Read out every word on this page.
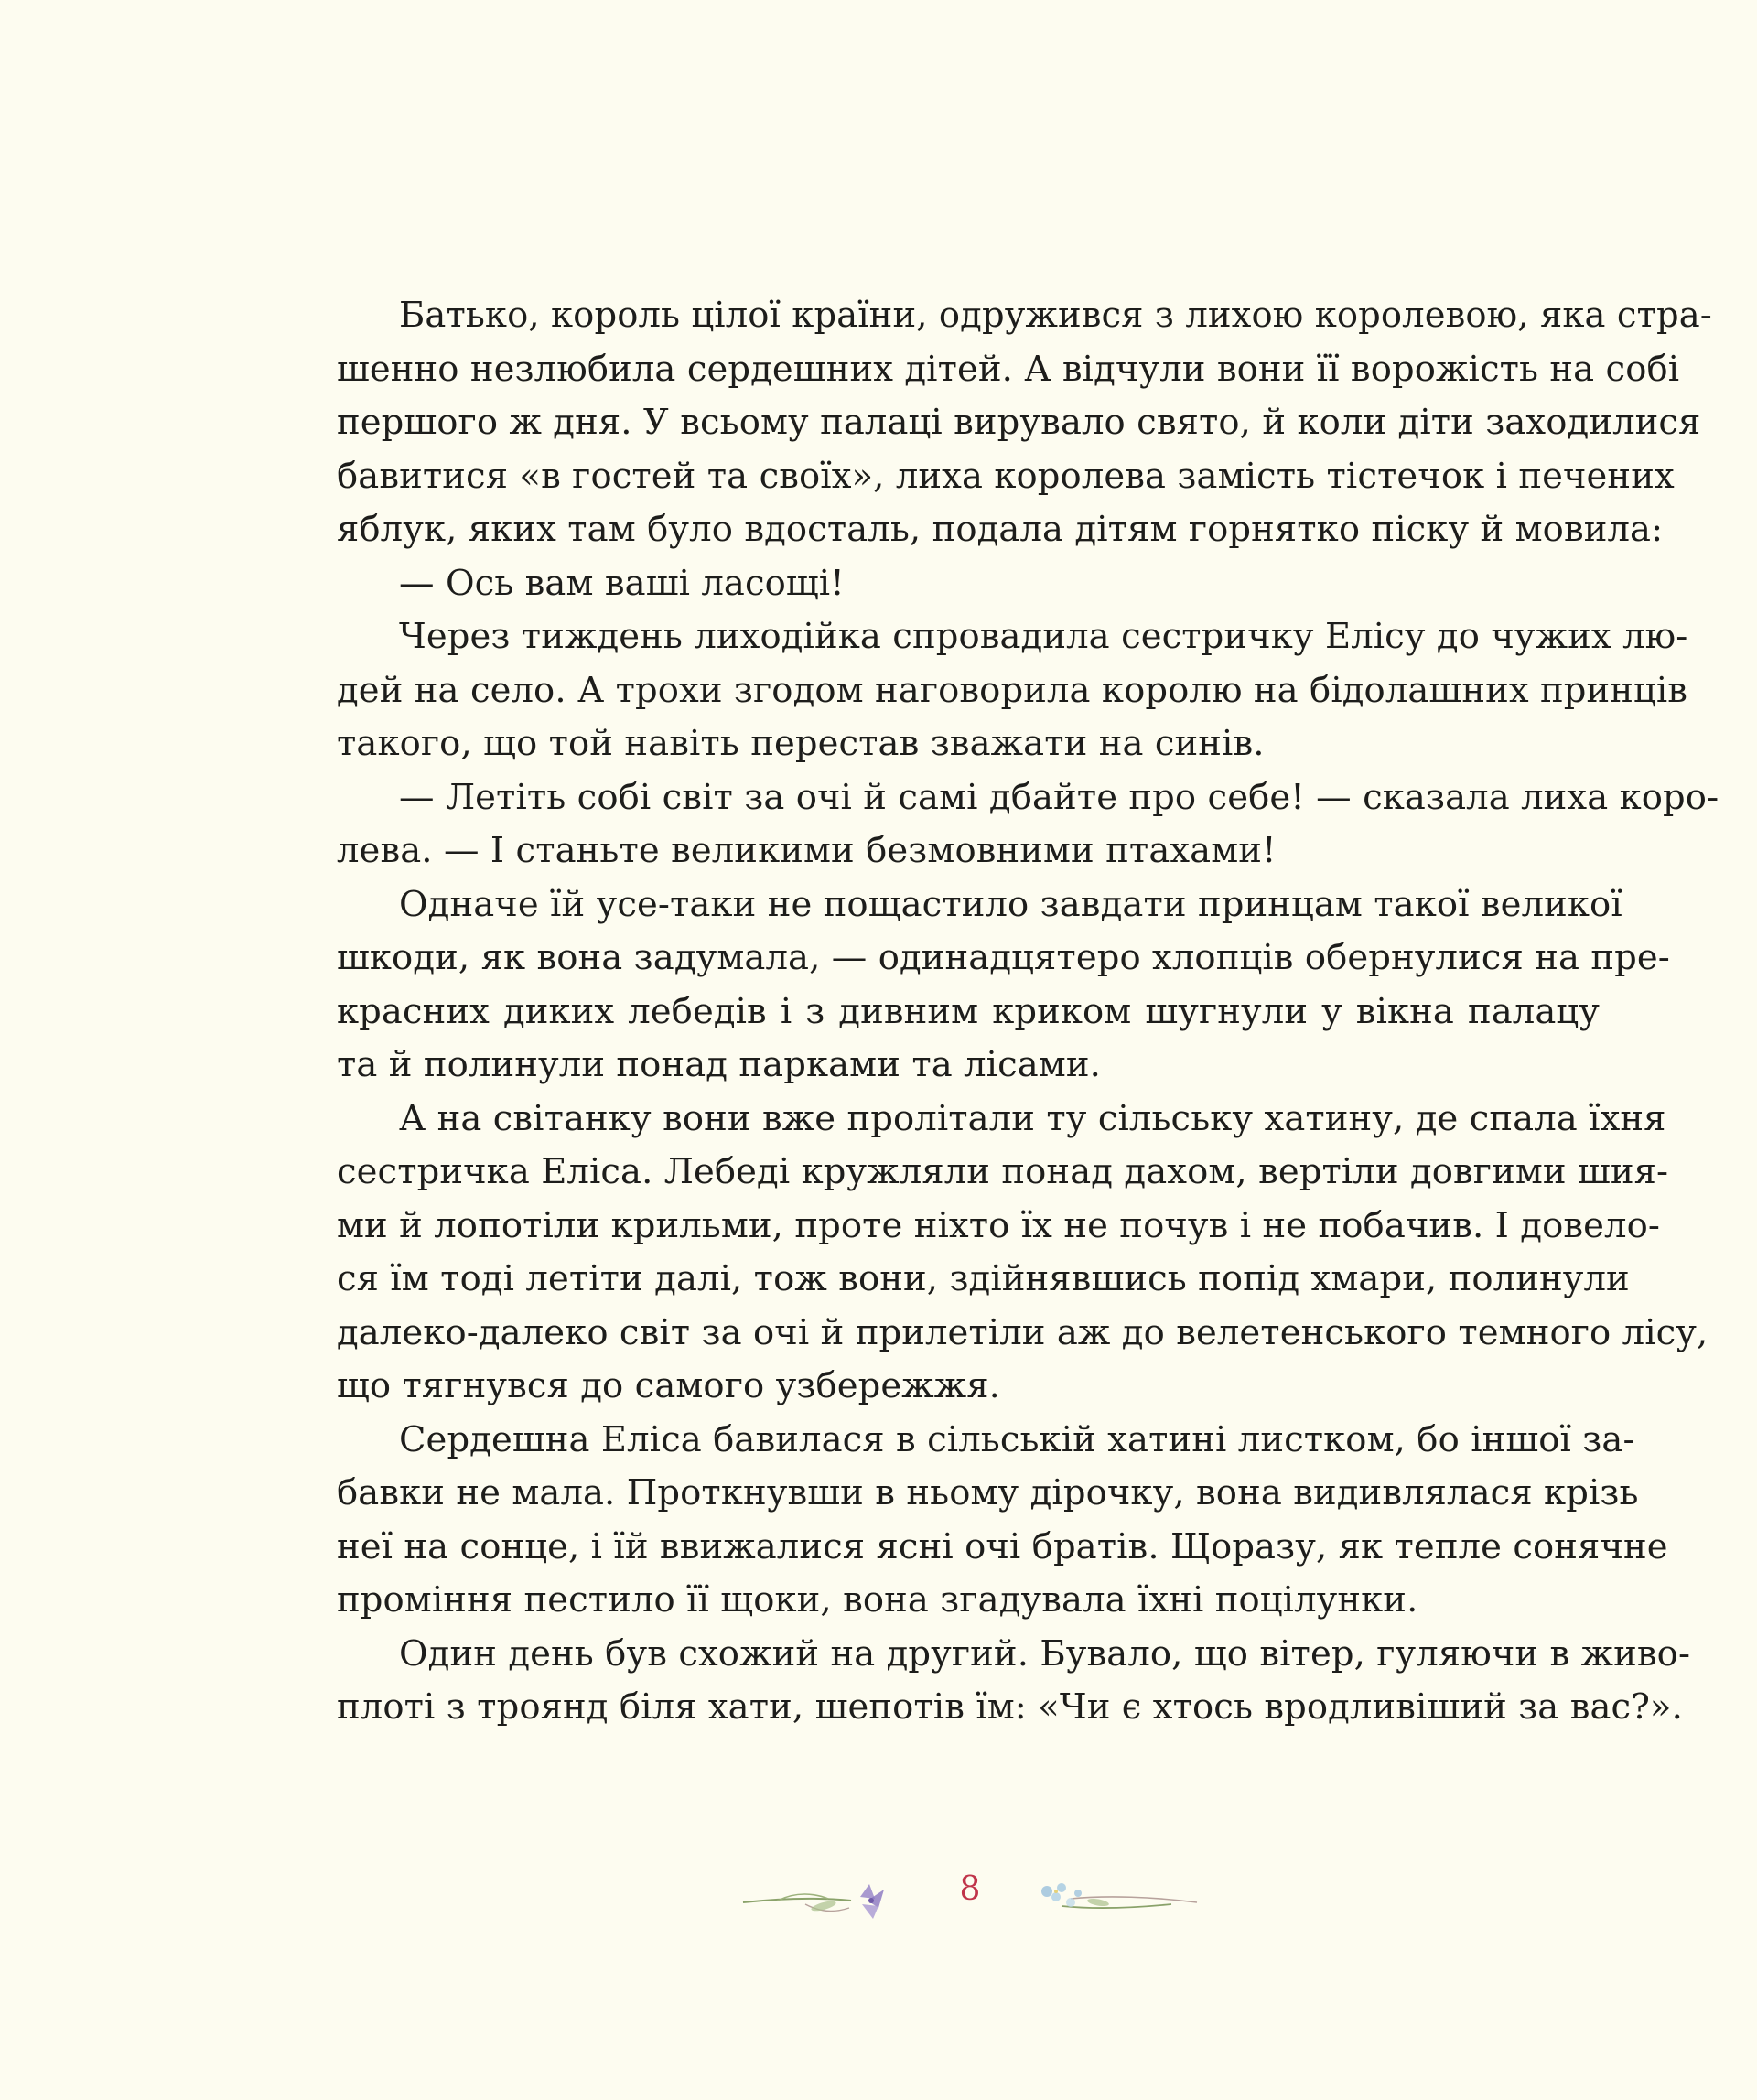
Батько, король цілої країни, одружився з лихою королевою, яка стра-
шенно незлюбила сердешних дітей. А відчули вони її ворожість на собі
першого ж дня. У всьому палаці вирувало свято, й коли діти заходилися
бавитися «в гостей та своїх», лиха королева замість тістечок і печених
яблук, яких там було вдосталь, подала дітям горнятко піску й мовила:
— Ось вам ваші ласощі!
Через тиждень лиходійка спровадила сестричку Елісу до чужих лю-
дей на село. А трохи згодом наговорила королю на бідолашних принців
такого, що той навіть перестав зважати на синів.
— Летіть собі світ за очі й самі дбайте про себе! — сказала лиха коро-
лева. — І станьте великими безмовними птахами!
Одначе їй усе-таки не пощастило завдати принцам такої великої
шкоди, як вона задумала, — одинадцятеро хлопців обернулися на пре-
красних диких лебедів і з дивним криком шугнули у вікна палацу
та й полинули понад парками та лісами.
А на світанку вони вже пролітали ту сільську хатину, де спала їхня
сестричка Еліса. Лебеді кружляли понад дахом, вертіли довгими шия-
ми й лопотіли крильми, проте ніхто їх не почув і не побачив. І довело-
ся їм тоді летіти далі, тож вони, здійнявшись попід хмари, полинули
далеко-далеко світ за очі й прилетіли аж до велетенського темного лісу,
що тягнувся до самого узбережжя.
Сердешна Еліса бавилася в сільській хатині листком, бо іншої за-
бавки не мала. Проткнувши в ньому дірочку, вона видивлялася крізь
неї на сонце, і їй ввижалися ясні очі братів. Щоразу, як тепле сонячне
проміння пестило її щоки, вона згадувала їхні поцілунки.
Один день був схожий на другий. Бувало, що вітер, гуляючи в живо-
плоті з троянд біля хати, шепотів їм: «Чи є хтось вродливіший за вас?».
8
